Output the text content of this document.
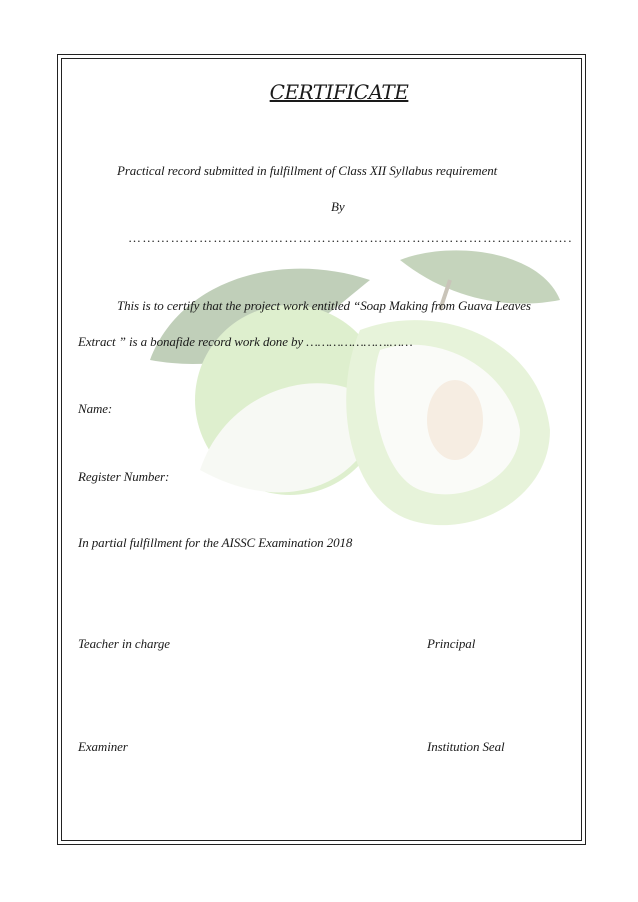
CERTIFICATE
Practical record submitted in fulfillment of Class XII Syllabus requirement
By
………………………………………………………………………………….
This is to certify that the project work entitled “Soap Making from Guava Leaves
Extract ” is a bonafide record work done by ………………….……
Name:
Register Number:
In partial fulfillment for the AISSC Examination 2018
Teacher in charge	Principal
Examiner	Institution Seal
